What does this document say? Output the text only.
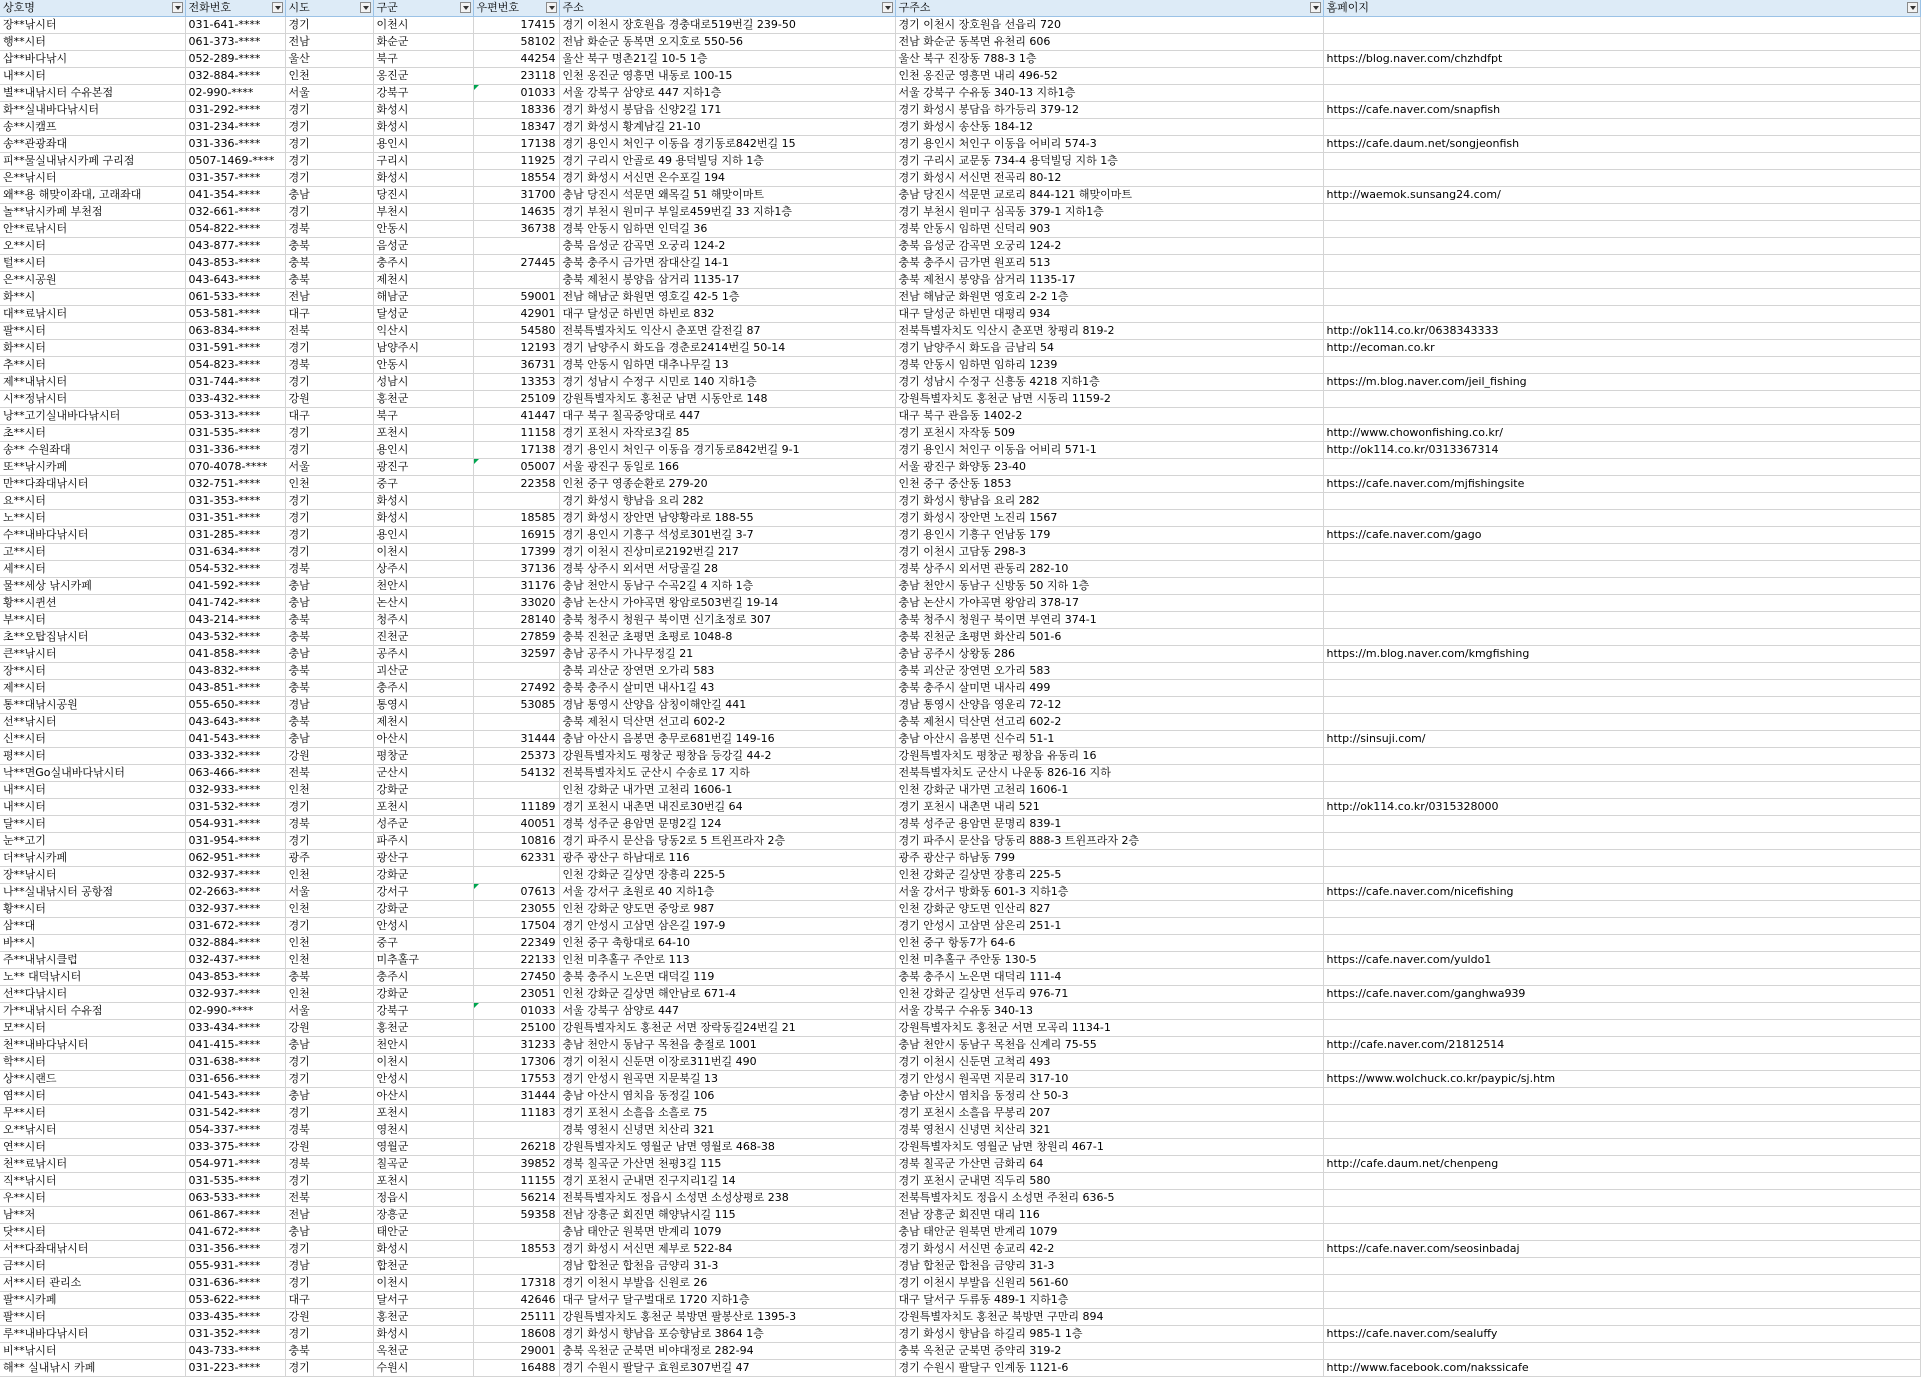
상호명	전화번호	시도	구군	우편번호	주소	구주소	홈페이지

장**낚시터	031-641-****	경기	이천시	17415	경기 이천시 장호원읍 경충대로519번길 239-50	경기 이천시 장호원읍 선읍리 720	
행**시터	061-373-****	전남	화순군	58102	전남 화순군 동복면 오지호로 550-56	전남 화순군 동복면 유천리 606	
삽**바다낚시	052-289-****	울산	북구	44254	울산 북구 명촌21길 10-5 1층	울산 북구 진장동 788-3 1층	https://blog.naver.com/chzhdfpt
내**시터	032-884-****	인천	옹진군	23118	인천 옹진군 영흥면 내동로 100-15	인천 옹진군 영흥면 내리 496-52	
별**내낚시터 수유본점	02-990-****	서울	강북구	01033	서울 강북구 삼양로 447 지하1층	서울 강북구 수유동 340-13 지하1층	
화**실내바다낚시터	031-292-****	경기	화성시	18336	경기 화성시 봉담읍 신양2길 171	경기 화성시 봉담읍 하가등리 379-12	https://cafe.naver.com/snapfish
송**시캠프	031-234-****	경기	화성시	18347	경기 화성시 황계남길 21-10	경기 화성시 송산동 184-12	
송**관광좌대	031-336-****	경기	용인시	17138	경기 용인시 처인구 이동읍 경기동로842번길 15	경기 용인시 처인구 이동읍 어비리 574-3	https://cafe.daum.net/songjeonfish
피**물실내낚시카페 구리점	0507-1469-****	경기	구리시	11925	경기 구리시 안골로 49 용덕빌딩 지하 1층	경기 구리시 교문동 734-4 용덕빌딩 지하 1층	
은**낚시터	031-357-****	경기	화성시	18554	경기 화성시 서신면 은수포길 194	경기 화성시 서신면 전곡리 80-12	
왜**용 해맞이좌대, 고래좌대	041-354-****	충남	당진시	31700	충남 당진시 석문면 왜목길 51 해맞이마트	충남 당진시 석문면 교로리 844-121 해맞이마트	http://waemok.sunsang24.com/
놀**낚시카페 부천점	032-661-****	경기	부천시	14635	경기 부천시 원미구 부일로459번길 33 지하1층	경기 부천시 원미구 심곡동 379-1 지하1층	
안**료낚시터	054-822-****	경북	안동시	36738	경북 안동시 임하면 인덕길 36	경북 안동시 임하면 신덕리 903	
오**시터	043-877-****	충북	음성군		충북 음성군 감곡면 오궁리 124-2	충북 음성군 감곡면 오궁리 124-2	
털**시터	043-853-****	충북	충주시	27445	충북 충주시 금가면 잠대산길 14-1	충북 충주시 금가면 원포리 513	
은**시공원	043-643-****	충북	제천시		충북 제천시 봉양읍 삼거리 1135-17	충북 제천시 봉양읍 삼거리 1135-17	
화**시	061-533-****	전남	해남군	59001	전남 해남군 화원면 영호길 42-5 1층	전남 해남군 화원면 영호리 2-2 1층	
대**료낚시터	053-581-****	대구	달성군	42901	대구 달성군 하빈면 하빈로 832	대구 달성군 하빈면 대평리 934	
팔**시터	063-834-****	전북	익산시	54580	전북특별자치도 익산시 춘포면 갈전길 87	전북특별자치도 익산시 춘포면 창평리 819-2	http://ok114.co.kr/0638343333
화**시터	031-591-****	경기	남양주시	12193	경기 남양주시 화도읍 경춘로2414번길 50-14	경기 남양주시 화도읍 금남리 54	http://ecoman.co.kr
추**시터	054-823-****	경북	안동시	36731	경북 안동시 임하면 대추나무길 13	경북 안동시 임하면 임하리 1239	
제**내낚시터	031-744-****	경기	성남시	13353	경기 성남시 수정구 시민로 140 지하1층	경기 성남시 수정구 신흥동 4218 지하1층	https://m.blog.naver.com/jeil_fishing
시**정낚시터	033-432-****	강원	홍천군	25109	강원특별자치도 홍천군 남면 시동안로 148	강원특별자치도 홍천군 남면 시동리 1159-2	
낭**고기실내바다낚시터	053-313-****	대구	북구	41447	대구 북구 칠곡중앙대로 447	대구 북구 관음동 1402-2	
초**시터	031-535-****	경기	포천시	11158	경기 포천시 자작로3길 85	경기 포천시 자작동 509	http://www.chowonfishing.co.kr/
송** 수원좌대	031-336-****	경기	용인시	17138	경기 용인시 처인구 이동읍 경기동로842번길 9-1	경기 용인시 처인구 이동읍 어비리 571-1	http://ok114.co.kr/0313367314
또**낚시카페	070-4078-****	서울	광진구	05007	서울 광진구 동일로 166	서울 광진구 화양동 23-40	
만**다좌대낚시터	032-751-****	인천	중구	22358	인천 중구 영종순환로 279-20	인천 중구 중산동 1853	https://cafe.naver.com/mjfishingsite
요**시터	031-353-****	경기	화성시		경기 화성시 향남읍 요리 282	경기 화성시 향남읍 요리 282	
노**시터	031-351-****	경기	화성시	18585	경기 화성시 장안면 남양황라로 188-55	경기 화성시 장안면 노진리 1567	
수**내바다낚시터	031-285-****	경기	용인시	16915	경기 용인시 기흥구 석성로301번길 3-7	경기 용인시 기흥구 언남동 179	https://cafe.naver.com/gago
고**시터	031-634-****	경기	이천시	17399	경기 이천시 진상미로2192번길 217	경기 이천시 고담동 298-3	
세**시터	054-532-****	경북	상주시	37136	경북 상주시 외서면 서당골길 28	경북 상주시 외서면 관동리 282-10	
물**세상 낚시카페	041-592-****	충남	천안시	31176	충남 천안시 동남구 수곡2길 4 지하 1층	충남 천안시 동남구 신방동 50 지하 1층	
황**시퀸션	041-742-****	충남	논산시	33020	충남 논산시 가야곡면 왕암로503번길 19-14	충남 논산시 가야곡면 왕암리 378-17	
부**시터	043-214-****	충북	청주시	28140	충북 청주시 청원구 북이면 신기초정로 307	충북 청주시 청원구 북이면 부연리 374-1	
초**오탑집낚시터	043-532-****	충북	진천군	27859	충북 진천군 초평면 초평로 1048-8	충북 진천군 초평면 화산리 501-6	
큰**낚시터	041-858-****	충남	공주시	32597	충남 공주시 가나무정길 21	충남 공주시 상왕동 286	https://m.blog.naver.com/kmgfishing
장**시터	043-832-****	충북	괴산군		충북 괴산군 장연면 오가리 583	충북 괴산군 장연면 오가리 583	
제**시터	043-851-****	충북	충주시	27492	충북 충주시 살미면 내사1길 43	충북 충주시 살미면 내사리 499	
통**대낚시공원	055-650-****	경남	통영시	53085	경남 통영시 산양읍 삼칭이해안길 441	경남 통영시 산양읍 영운리 72-12	
선**낚시터	043-643-****	충북	제천시		충북 제천시 덕산면 선고리 602-2	충북 제천시 덕산면 선고리 602-2	
신**시터	041-543-****	충남	아산시	31444	충남 아산시 음봉면 충무로681번길 149-16	충남 아산시 음봉면 신수리 51-1	http://sinsuji.com/
평**시터	033-332-****	강원	평창군	25373	강원특별자치도 평창군 평창읍 등강길 44-2	강원특별자치도 평창군 평창읍 유동리 16	
낙**면Go실내바다낚시터	063-466-****	전북	군산시	54132	전북특별자치도 군산시 수송로 17 지하	전북특별자치도 군산시 나운동 826-16 지하	
내**시터	032-933-****	인천	강화군		인천 강화군 내가면 고천리 1606-1	인천 강화군 내가면 고천리 1606-1	
내**시터	031-532-****	경기	포천시	11189	경기 포천시 내촌면 내진로30번길 64	경기 포천시 내촌면 내리 521	http://ok114.co.kr/0315328000
달**시터	054-931-****	경북	성주군	40051	경북 성주군 용암면 문명2길 124	경북 성주군 용암면 문명리 839-1	
눈**고기	031-954-****	경기	파주시	10816	경기 파주시 문산읍 당동2로 5 트윈프라자 2층	경기 파주시 문산읍 당동리 888-3 트윈프라자 2층	
더**낚시카페	062-951-****	광주	광산구	62331	광주 광산구 하남대로 116	광주 광산구 하남동 799	
장**낚시터	032-937-****	인천	강화군		인천 강화군 길상면 장흥리 225-5	인천 강화군 길상면 장흥리 225-5	
나**실내낚시터 공항점	02-2663-****	서울	강서구	07613	서울 강서구 초원로 40 지하1층	서울 강서구 방화동 601-3 지하1층	https://cafe.naver.com/nicefishing
황**시터	032-937-****	인천	강화군	23055	인천 강화군 양도면 중앙로 987	인천 강화군 양도면 인산리 827	
삼**대	031-672-****	경기	안성시	17504	경기 안성시 고삼면 삼은길 197-9	경기 안성시 고삼면 삼은리 251-1	
바**시	032-884-****	인천	중구	22349	인천 중구 축항대로 64-10	인천 중구 항동7가 64-6	
주**내낚시클럽	032-437-****	인천	미추홀구	22133	인천 미추홀구 주안로 113	인천 미추홀구 주안동 130-5	https://cafe.naver.com/yuldo1
노** 대덕낚시터	043-853-****	충북	충주시	27450	충북 충주시 노은면 대덕길 119	충북 충주시 노은면 대덕리 111-4	
선**다낚시터	032-937-****	인천	강화군	23051	인천 강화군 길상면 해안남로 671-4	인천 강화군 길상면 선두리 976-71	https://cafe.naver.com/ganghwa939
가**내낚시터 수유점	02-990-****	서울	강북구	01033	서울 강북구 삼양로 447	서울 강북구 수유동 340-13	
모**시터	033-434-****	강원	홍천군	25100	강원특별자치도 홍천군 서면 장락동길24번길 21	강원특별자치도 홍천군 서면 모곡리 1134-1	
천**내바다낚시터	041-415-****	충남	천안시	31233	충남 천안시 동남구 목천읍 충절로 1001	충남 천안시 동남구 목천읍 신계리 75-55	http://cafe.naver.com/21812514
학**시터	031-638-****	경기	이천시	17306	경기 이천시 신둔면 이장로311번길 490	경기 이천시 신둔면 고척리 493	
상**시랜드	031-656-****	경기	안성시	17553	경기 안성시 원곡면 지문북길 13	경기 안성시 원곡면 지문리 317-10	https://www.wolchuck.co.kr/paypic/sj.htm
염**시터	041-543-****	충남	아산시	31444	충남 아산시 염치읍 동정길 106	충남 아산시 염치읍 동정리 산 50-3	
무**시터	031-542-****	경기	포천시	11183	경기 포천시 소흘읍 소흘로 75	경기 포천시 소흘읍 무봉리 207	
오**낚시터	054-337-****	경북	영천시		경북 영천시 신녕면 치산리 321	경북 영천시 신녕면 치산리 321	
연**시터	033-375-****	강원	영월군	26218	강원특별자치도 영월군 남면 영월로 468-38	강원특별자치도 영월군 남면 창원리 467-1	
천**료낚시터	054-971-****	경북	칠곡군	39852	경북 칠곡군 가산면 천평3길 115	경북 칠곡군 가산면 금화리 64	http://cafe.daum.net/chenpeng
직**낚시터	031-535-****	경기	포천시	11155	경기 포천시 군내면 진구지리1길 14	경기 포천시 군내면 직두리 580	
우**시터	063-533-****	전북	정읍시	56214	전북특별자치도 정읍시 소성면 소성상평로 238	전북특별자치도 정읍시 소성면 주천리 636-5	
남**저	061-867-****	전남	장흥군	59358	전남 장흥군 회진면 해양낚시길 115	전남 장흥군 회진면 대리 116	
닷**시터	041-672-****	충남	태안군		충남 태안군 원북면 반계리 1079	충남 태안군 원북면 반계리 1079	
서**다좌대낚시터	031-356-****	경기	화성시	18553	경기 화성시 서신면 제부로 522-84	경기 화성시 서신면 송교리 42-2	https://cafe.naver.com/seosinbadaj
금**시터	055-931-****	경남	합천군		경남 합천군 합천읍 금양리 31-3	경남 합천군 합천읍 금양리 31-3	
서**시터 관리소	031-636-****	경기	이천시	17318	경기 이천시 부발읍 신원로 26	경기 이천시 부발읍 신원리 561-60	
팔**시카페	053-622-****	대구	달서구	42646	대구 달서구 달구벌대로 1720 지하1층	대구 달서구 두류동 489-1 지하1층	
팔**시터	033-435-****	강원	홍천군	25111	강원특별자치도 홍천군 북방면 팔봉산로 1395-3	강원특별자치도 홍천군 북방면 구만리 894	
루**내바다낚시터	031-352-****	경기	화성시	18608	경기 화성시 향남읍 포승향남로 3864 1층	경기 화성시 향남읍 하길리 985-1 1층	https://cafe.naver.com/sealuffy
비**낚시터	043-733-****	충북	옥천군	29001	충북 옥천군 군북면 비야대정로 282-94	충북 옥천군 군북면 증약리 319-2	
해** 실내낚시 카페	031-223-****	경기	수원시	16488	경기 수원시 팔달구 효원로307번길 47	경기 수원시 팔달구 인계동 1121-6	http://www.facebook.com/nakssicafe
